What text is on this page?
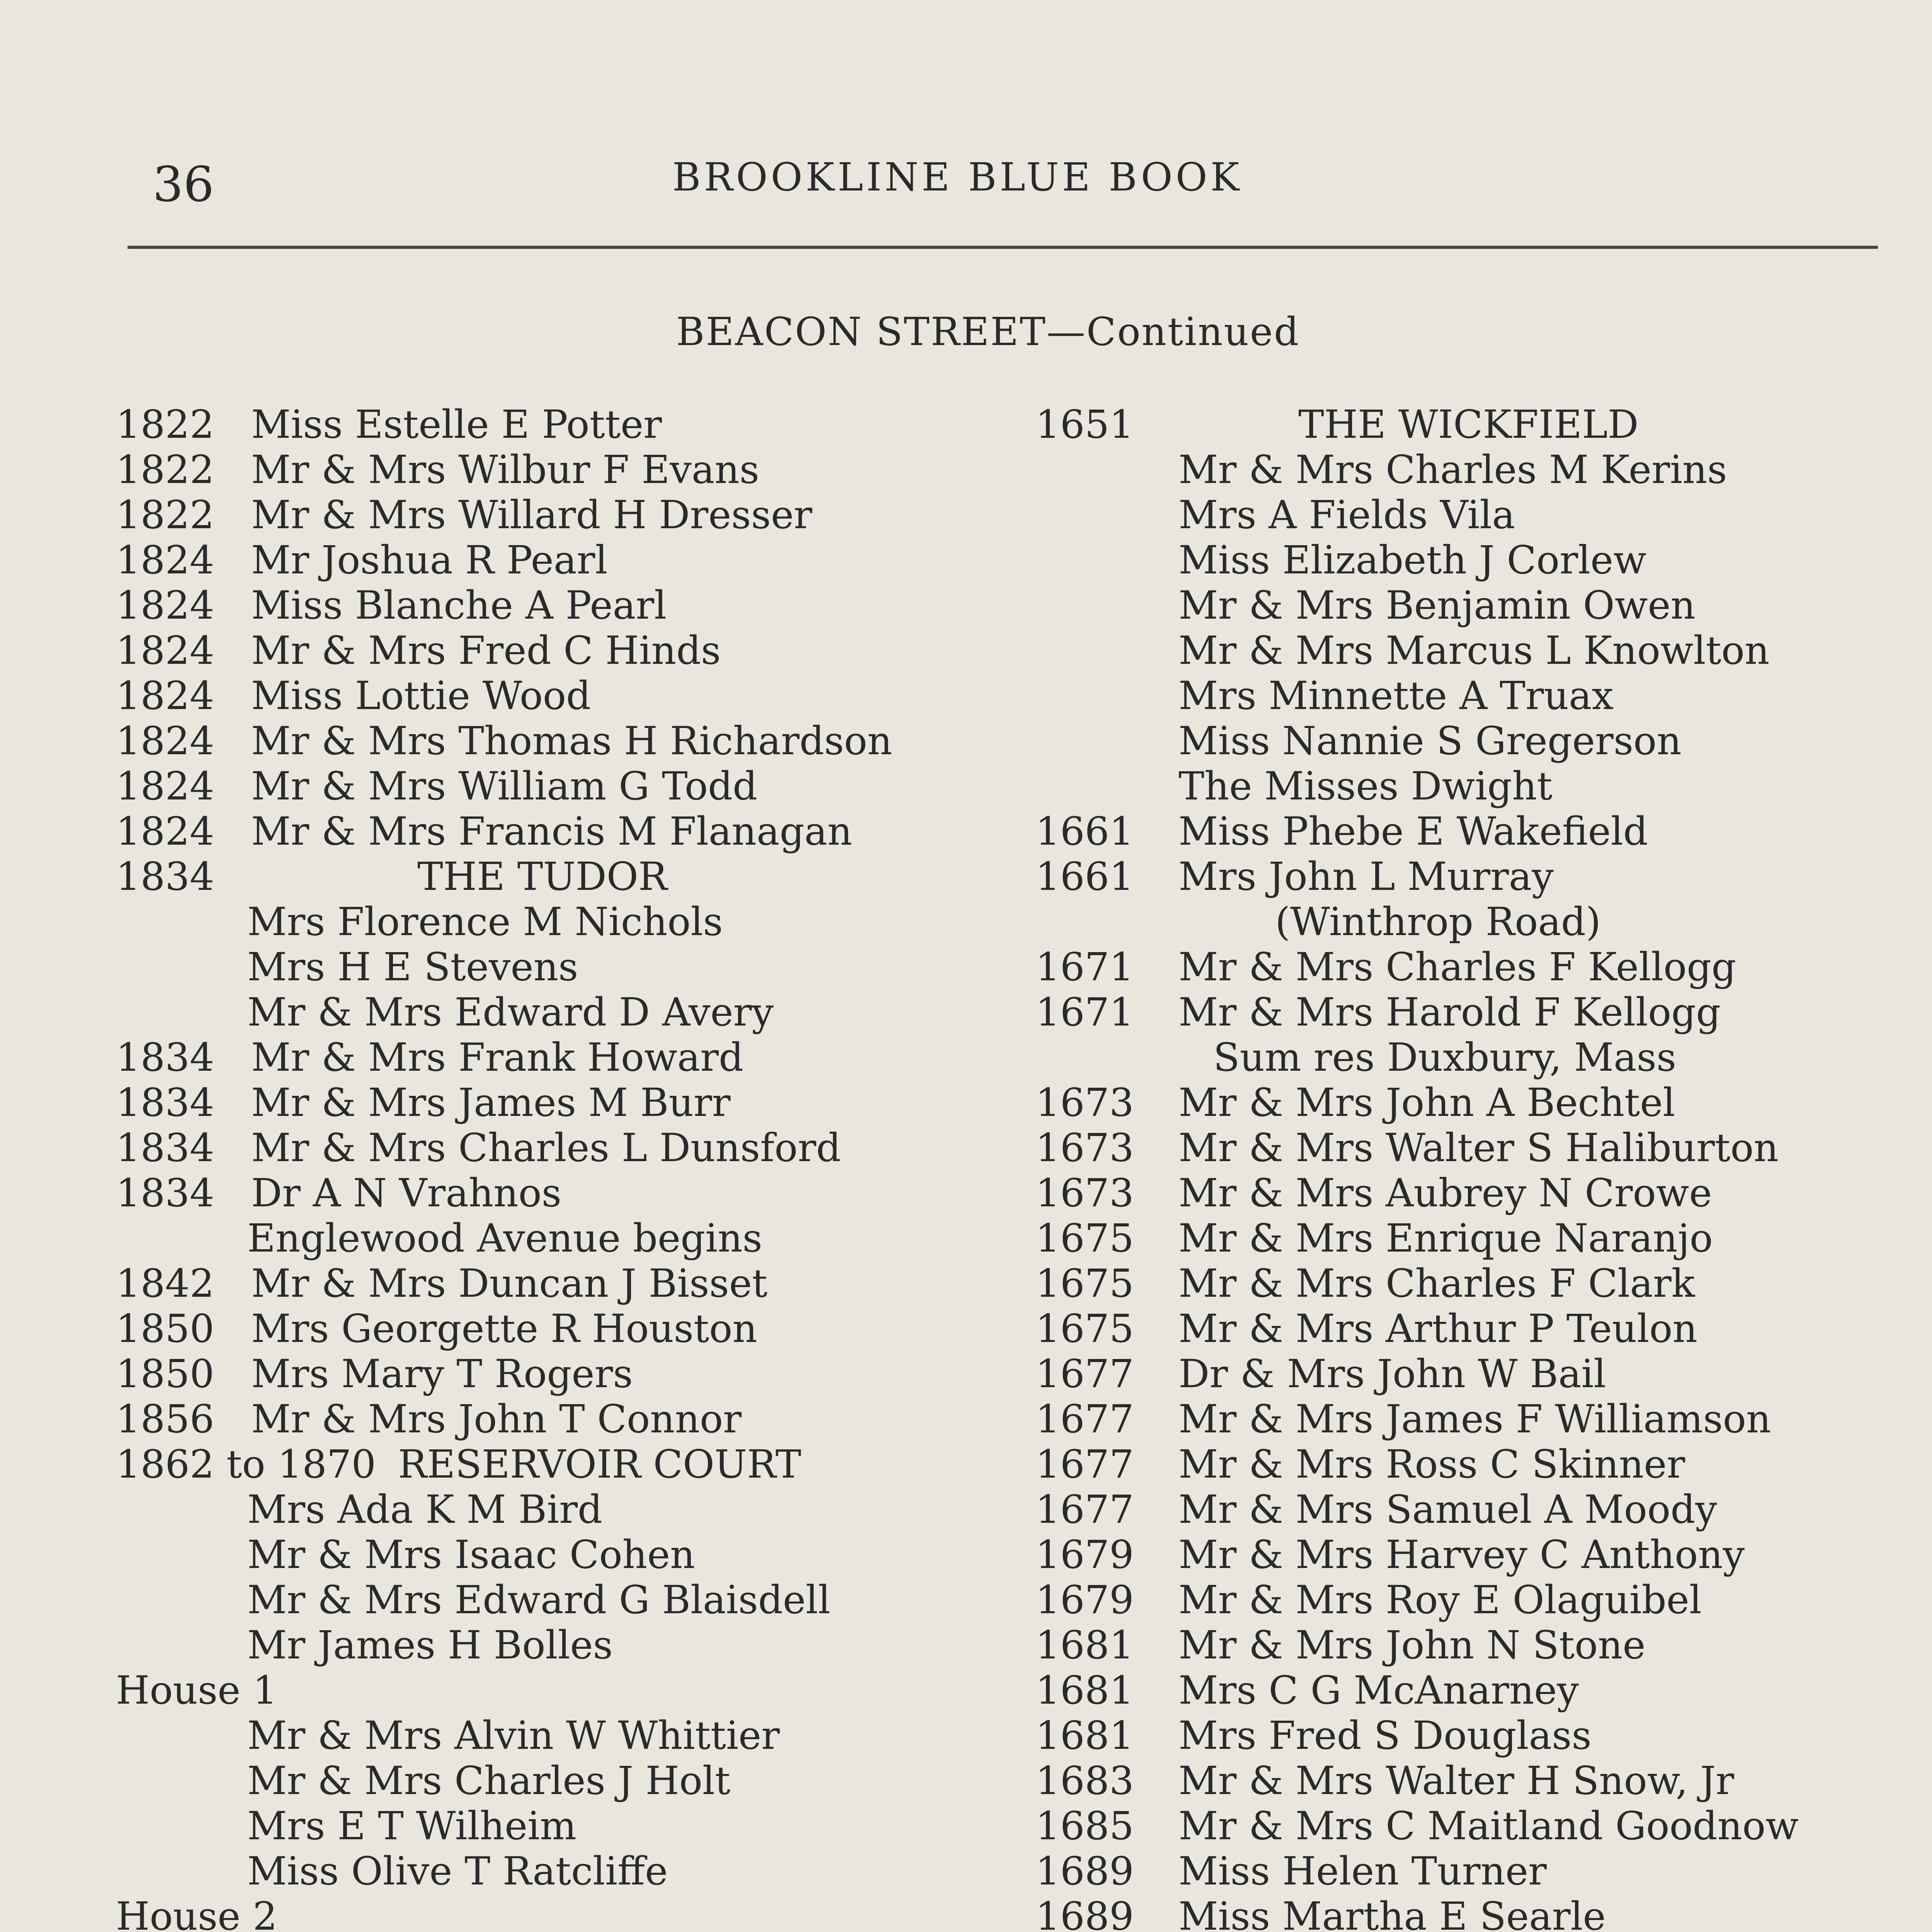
36	BROOKLINE BLUE BOOK
BEACON STREET—Continued
1822 Miss Estelle E Potter
1822 Mr & Mrs Wilbur F Evans
1822 Mr & Mrs Willard H Dresser
1824 Mr Joshua R Pearl
1824 Miss Blanche A Pearl
1824 Mr & Mrs Fred C Hinds
1824 Miss Lottie Wood
1824 Mr & Mrs Thomas H Richardson
1824 Mr & Mrs William G Todd
1824 Mr & Mrs Francis M Flanagan
1834	THE TUDOR
Mrs Florence M Nichols
Mrs H E Stevens
Mr & Mrs Edward D Avery
1834 Mr & Mrs Frank Howard
1834 Mr & Mrs James M Burr
1834 Mr & Mrs Charles L Dunsford
1834 Dr A N Vrahnos
Englewood Avenue begins
1842 Mr & Mrs Duncan J Bisset
1850 Mrs Georgette R Houston
1850 Mrs Mary T Rogers
1856 Mr & Mrs John T Connor
1862 to 1870 RESERVOIR COURT
Mrs Ada K M Bird
Mr & Mrs Isaac Cohen
Mr & Mrs Edward G Blaisdell
Mr James H Bolles
House 1
Mr & Mrs Alvin W Whittier
Mr & Mrs Charles J Holt
Mrs E T Wilheim
Miss Olive T Ratcliffe
House 2
1651	THE WICKFIELD
Mr & Mrs Charles M Kerins
Mrs A Fields Vila
Miss Elizabeth J Corlew
Mr & Mrs Benjamin Owen
Mr & Mrs Marcus L Knowlton
Mrs Minnette A Truax
Miss Nannie S Gregerson
The Misses Dwight
1661 Miss Phebe E Wakefield
1661 Mrs John L Murray
(Winthrop Road)
1671 Mr & Mrs Charles F Kellogg
1671 Mr & Mrs Harold F Kellogg
Sum res Duxbury, Mass
1673 Mr & Mrs John A Bechtel
1673 Mr & Mrs Walter S Haliburton
1673 Mr & Mrs Aubrey N Crowe
1675 Mr & Mrs Enrique Naranjo
1675 Mr & Mrs Charles F Clark
1675 Mr & Mrs Arthur P Teulon
1677 Dr & Mrs John W Bail
1677 Mr & Mrs James F Williamson
1677 Mr & Mrs Ross C Skinner
1677 Mr & Mrs Samuel A Moody
1679 Mr & Mrs Harvey C Anthony
1679 Mr & Mrs Roy E Olaguibel
1681 Mr & Mrs John N Stone
1681 Mrs C G McAnarney
1681 Mrs Fred S Douglass
1683 Mr & Mrs Walter H Snow, Jr
1685 Mr & Mrs C Maitland Goodnow
1689 Miss Helen Turner
1689 Miss Martha E Searle
